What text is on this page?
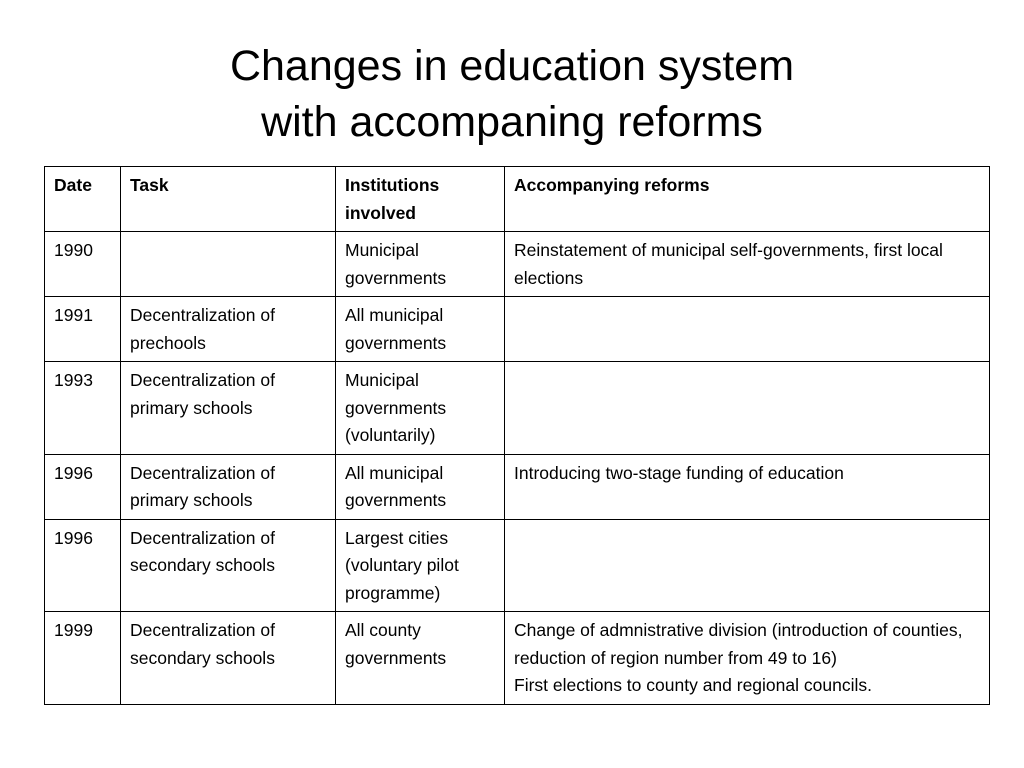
Changes in education system
with accompaning reforms
Date	Task	Institutions involved	Accompanying reforms
1990		Municipal governments	Reinstatement of municipal self-governments, first local elections

1991	Decentralization of prechools	All municipal governments	
1993	Decentralization of primary schools	Municipal governments (voluntarily)	
1996	Decentralization of primary schools	All municipal governments	Introducing two-stage funding of education

1996	Decentralization of secondary schools	Largest cities (voluntary pilot programme)	
1999	Decentralization of secondary schools	All county governments	Change of admnistrative division (introduction of counties, reduction of region number from 49 to 16)
First elections to county and regional councils.
